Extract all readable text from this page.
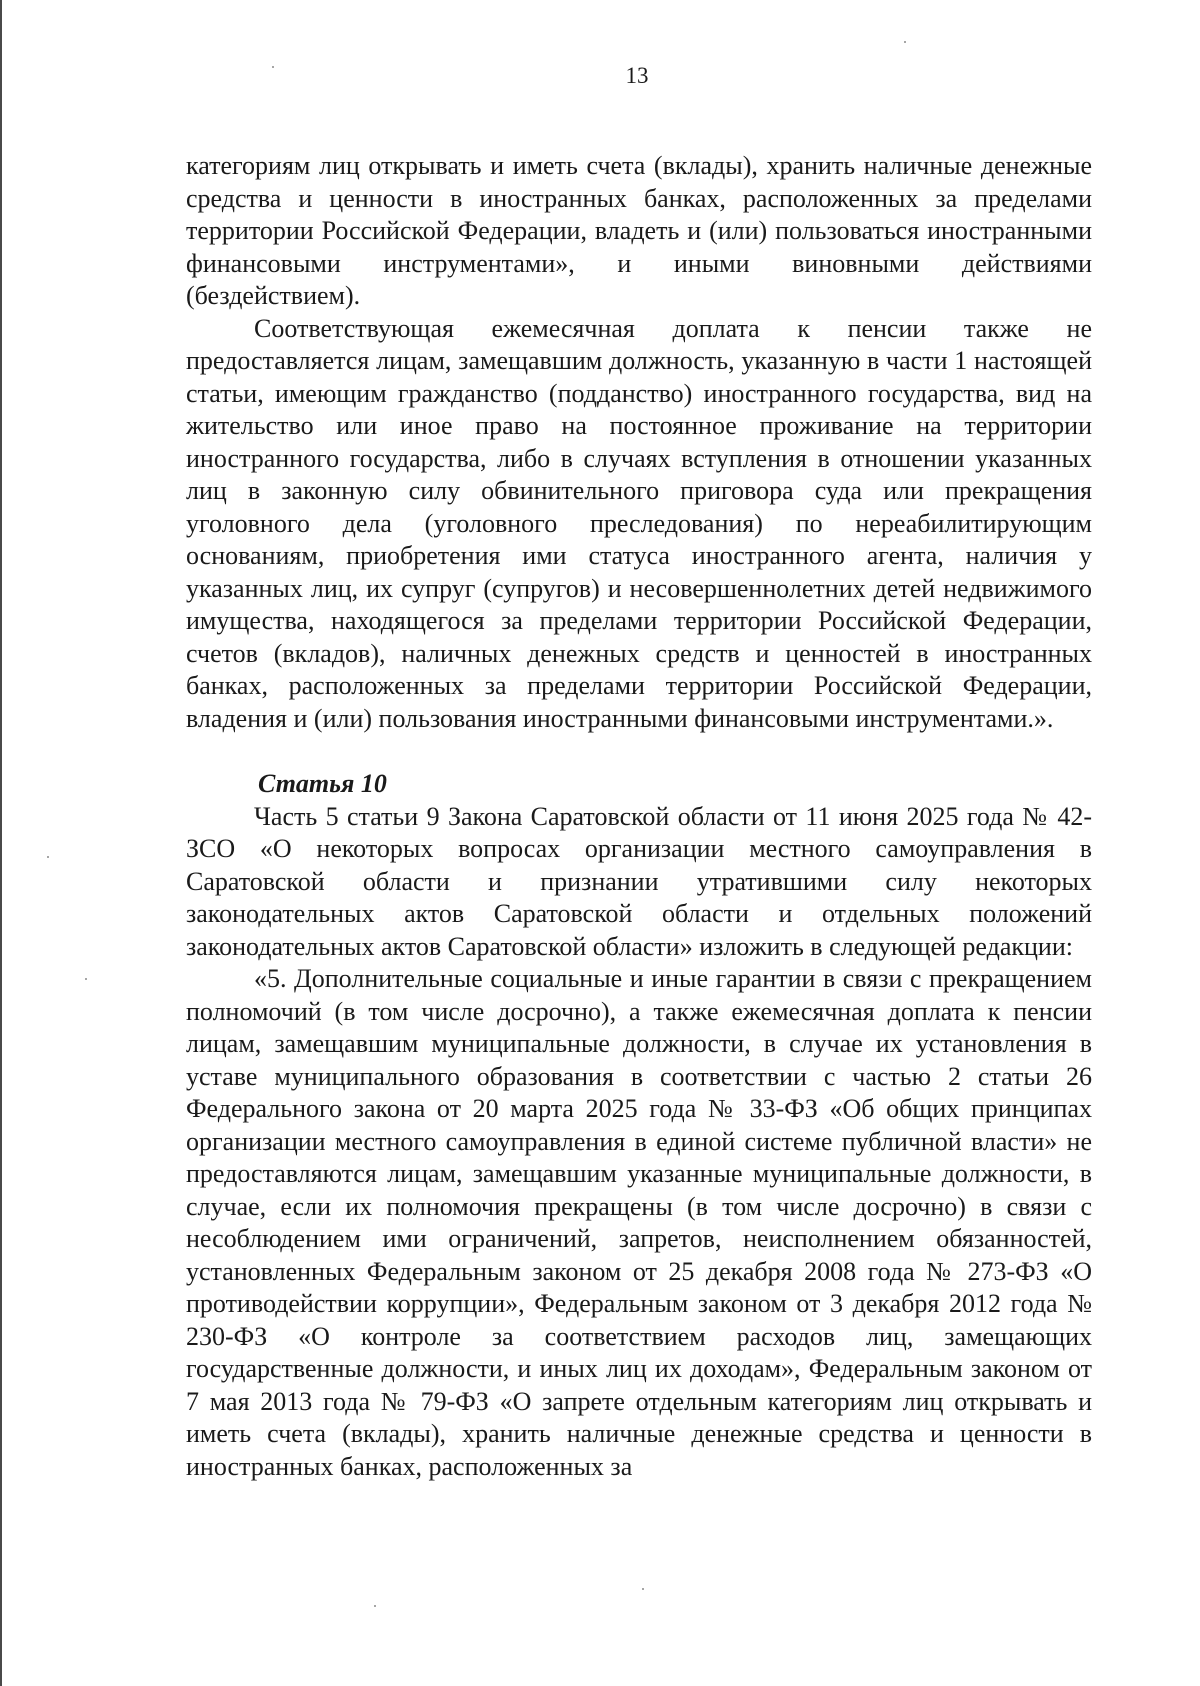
13

категориям лиц открывать и иметь счета (вклады), хранить наличные денежные средства и ценности в иностранных банках, расположенных за пределами территории Российской Федерации, владеть и (или) пользоваться иностранными финансовыми инструментами», и иными виновными действиями (бездействием).

Соответствующая ежемесячная доплата к пенсии также не предоставляется лицам, замещавшим должность, указанную в части 1 настоящей статьи, имеющим гражданство (подданство) иностранного государства, вид на жительство или иное право на постоянное проживание на территории иностранного государства, либо в случаях вступления в отношении указанных лиц в законную силу обвинительного приговора суда или прекращения уголовного дела (уголовного преследования) по нереабилитирующим основаниям, приобретения ими статуса иностранного агента, наличия у указанных лиц, их супруг (супругов) и несовершеннолетних детей недвижимого имущества, находящегося за пределами территории Российской Федерации, счетов (вкладов), наличных денежных средств и ценностей в иностранных банках, расположенных за пределами территории Российской Федерации, владения и (или) пользования иностранными финансовыми инструментами.».

Статья 10

Часть 5 статьи 9 Закона Саратовской области от 11 июня 2025 года № 42-ЗСО «О некоторых вопросах организации местного самоуправления в Саратовской области и признании утратившими силу некоторых законодательных актов Саратовской области и отдельных положений законодательных актов Саратовской области» изложить в следующей редакции:

«5. Дополнительные социальные и иные гарантии в связи с прекращением полномочий (в том числе досрочно), а также ежемесячная доплата к пенсии лицам, замещавшим муниципальные должности, в случае их установления в уставе муниципального образования в соответствии с частью 2 статьи 26 Федерального закона от 20 марта 2025 года № 33-ФЗ «Об общих принципах организации местного самоуправления в единой системе публичной власти» не предоставляются лицам, замещавшим указанные муниципальные должности, в случае, если их полномочия прекращены (в том числе досрочно) в связи с несоблюдением ими ограничений, запретов, неисполнением обязанностей, установленных Федеральным законом от 25 декабря 2008 года № 273-ФЗ «О противодействии коррупции», Федеральным законом от 3 декабря 2012 года № 230-ФЗ «О контроле за соответствием расходов лиц, замещающих государственные должности, и иных лиц их доходам», Федеральным законом от 7 мая 2013 года № 79-ФЗ «О запрете отдельным категориям лиц открывать и иметь счета (вклады), хранить наличные денежные средства и ценности в иностранных банках, расположенных за
